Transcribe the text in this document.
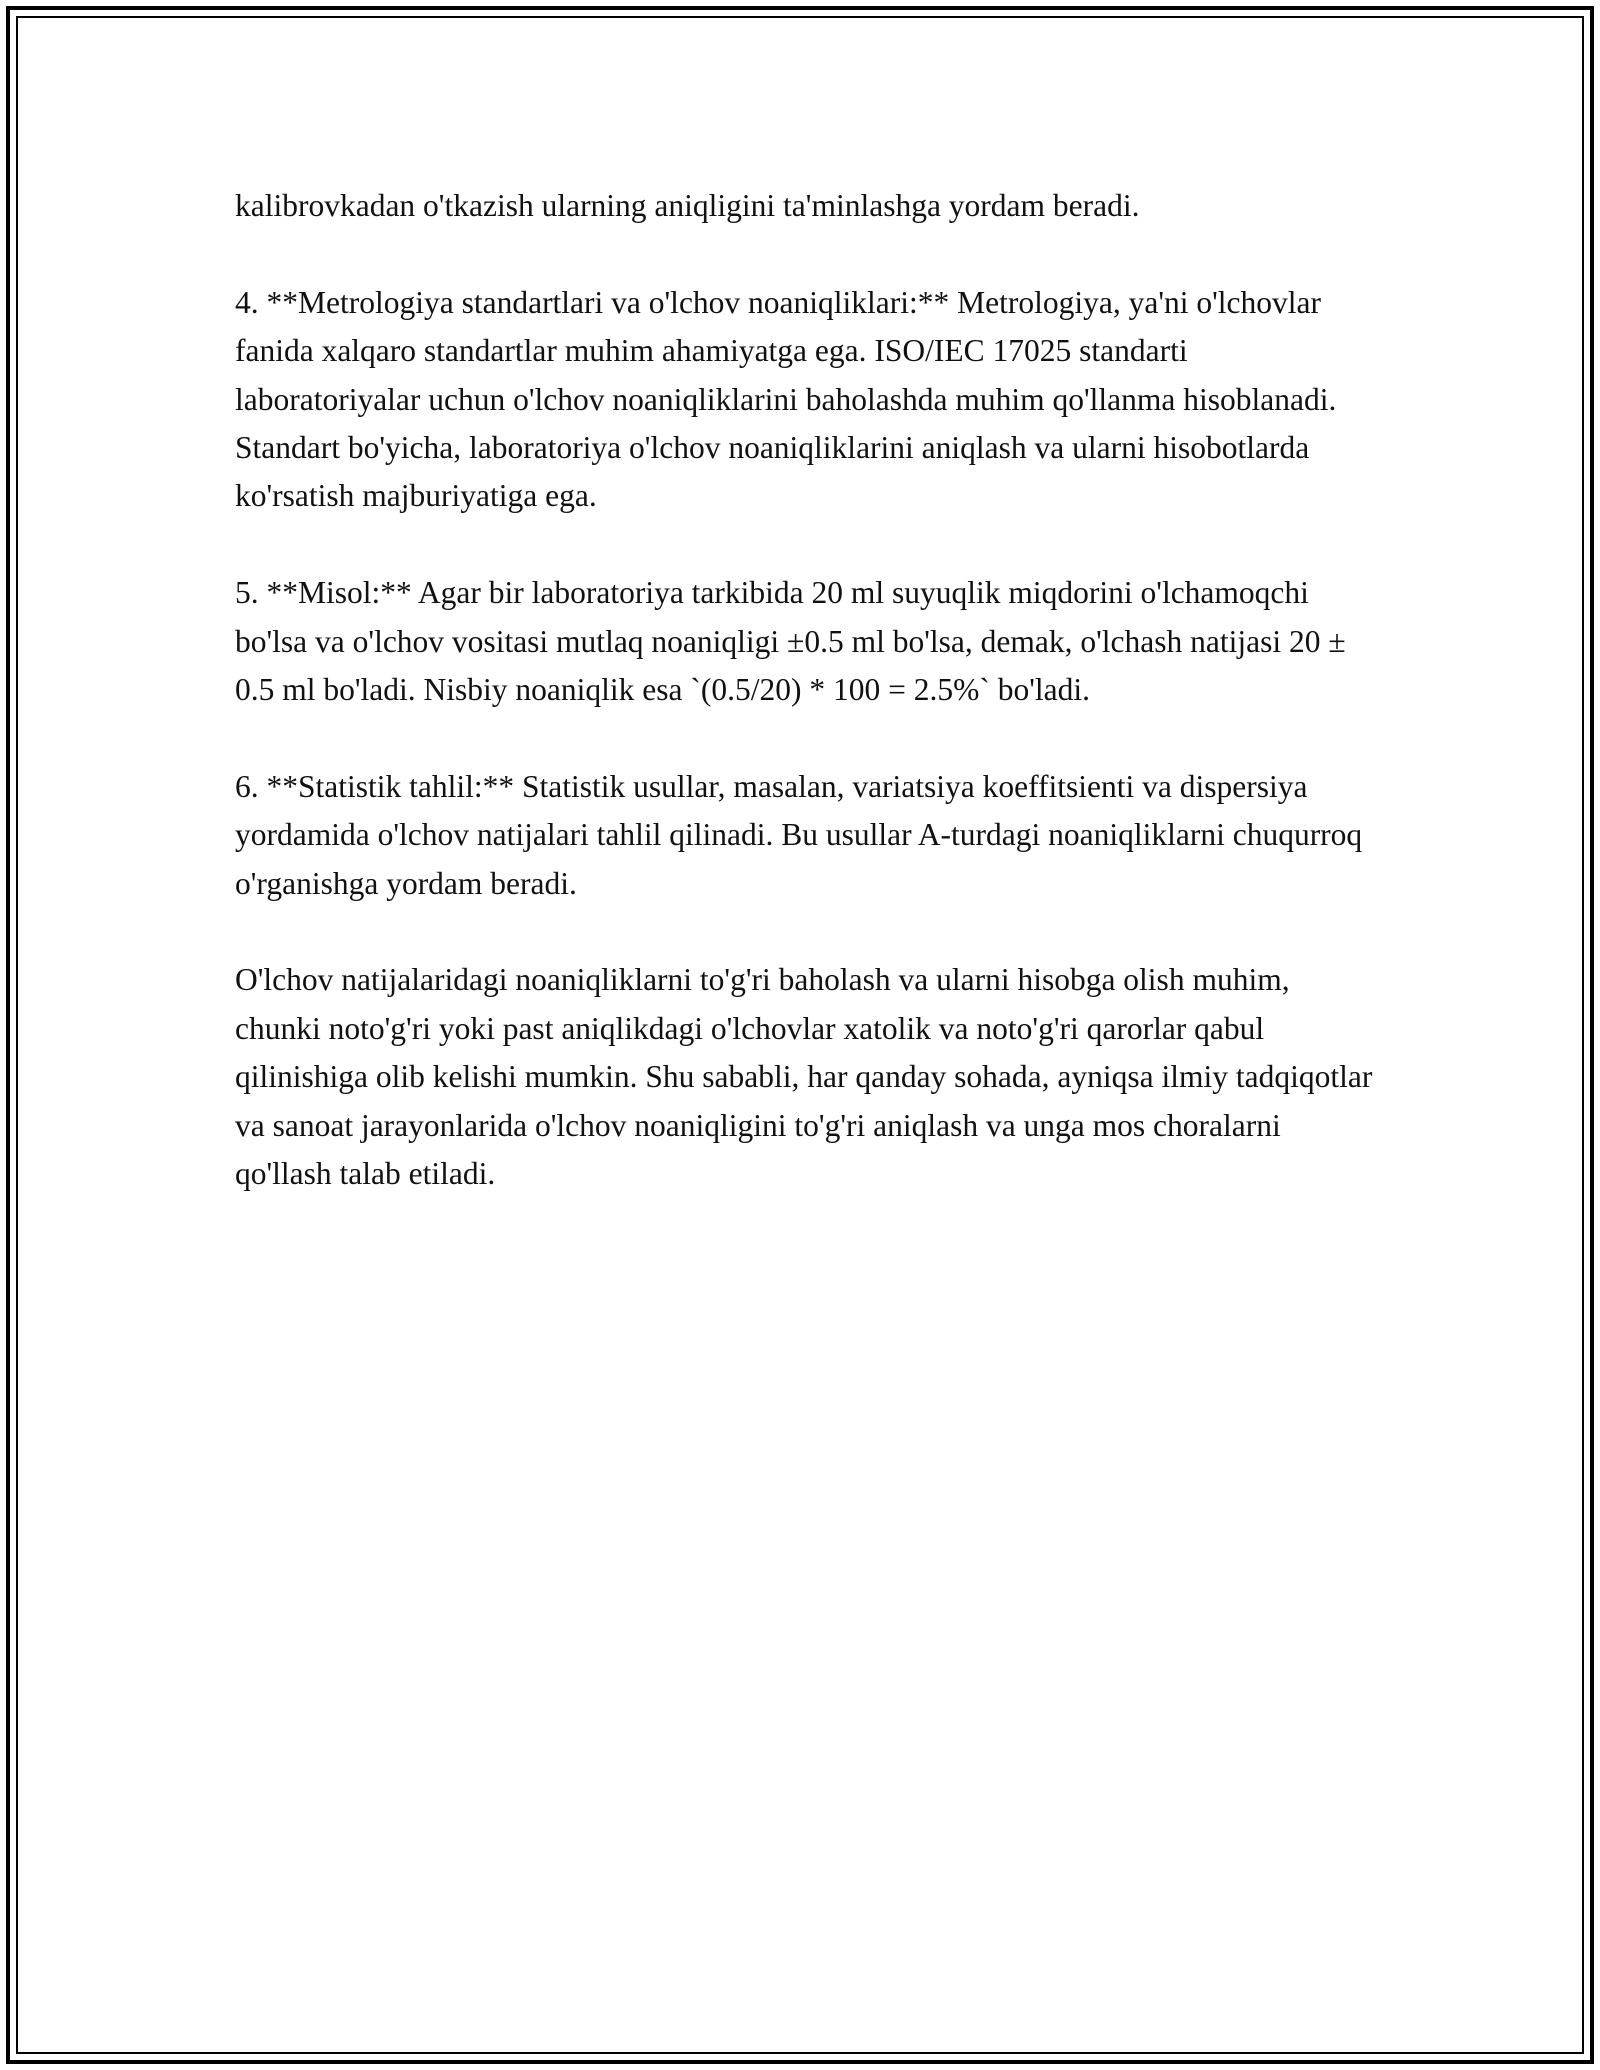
kalibrovkadan o'tkazish ularning aniqligini ta'minlashga yordam beradi.

4. **Metrologiya standartlari va o'lchov noaniqliklari:** Metrologiya, ya'ni o'lchovlar fanida xalqaro standartlar muhim ahamiyatga ega. ISO/IEC 17025 standarti laboratoriyalar uchun o'lchov noaniqliklarini baholashda muhim qo'llanma hisoblanadi. Standart bo'yicha, laboratoriya o'lchov noaniqliklarini aniqlash va ularni hisobotlarda ko'rsatish majburiyatiga ega.

5. **Misol:** Agar bir laboratoriya tarkibida 20 ml suyuqlik miqdorini o'lchamoqchi bo'lsa va o'lchov vositasi mutlaq noaniqligi ±0.5 ml bo'lsa, demak, o'lchash natijasi 20 ± 0.5 ml bo'ladi. Nisbiy noaniqlik esa `(0.5/20) * 100 = 2.5%` bo'ladi.

6. **Statistik tahlil:** Statistik usullar, masalan, variatsiya koeffitsienti va dispersiya yordamida o'lchov natijalari tahlil qilinadi. Bu usullar A-turdagi noaniqliklarni chuqurroq o'rganishga yordam beradi.

O'lchov natijalaridagi noaniqliklarni to'g'ri baholash va ularni hisobga olish muhim, chunki noto'g'ri yoki past aniqlikdagi o'lchovlar xatolik va noto'g'ri qarorlar qabul qilinishiga olib kelishi mumkin. Shu sababli, har qanday sohada, ayniqsa ilmiy tadqiqotlar va sanoat jarayonlarida o'lchov noaniqligini to'g'ri aniqlash va unga mos choralarni qo'llash talab etiladi.
